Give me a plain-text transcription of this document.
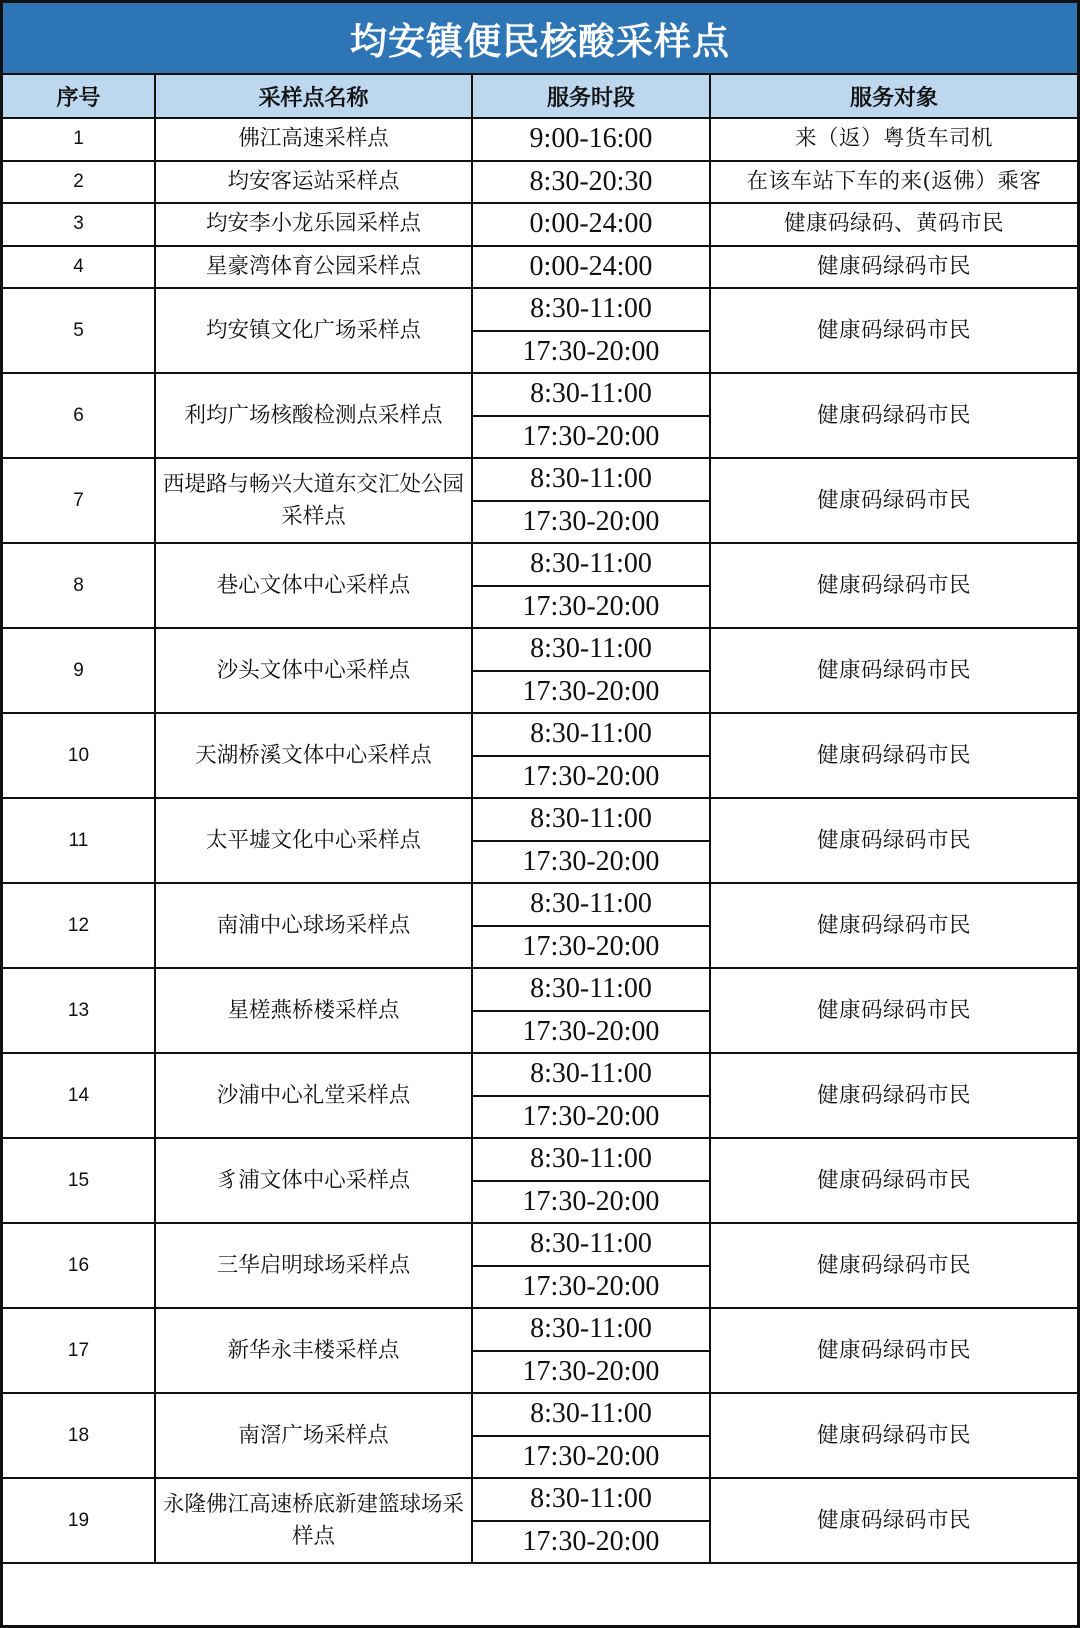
均安镇便民核酸采样点
序号	采样点名称	服务时段	服务对象
1	佛江高速采样点	9:00-16:00	来（返）粤货车司机
2	均安客运站采样点	8:30-20:30	在该车站下车的来(返佛）乘客
3	均安李小龙乐园采样点	0:00-24:00	健康码绿码、黄码市民
4	星豪湾体育公园采样点	0:00-24:00	健康码绿码市民
5	均安镇文化广场采样点	8:30-11:00	健康码绿码市民
		17:30-20:00	
6	利均广场核酸检测点采样点	8:30-11:00	健康码绿码市民
		17:30-20:00	
7	西堤路与畅兴大道东交汇处公园采样点	8:30-11:00	健康码绿码市民
		17:30-20:00	
8	巷心文体中心采样点	8:30-11:00	健康码绿码市民
		17:30-20:00	
9	沙头文体中心采样点	8:30-11:00	健康码绿码市民
		17:30-20:00	
10	天湖桥溪文体中心采样点	8:30-11:00	健康码绿码市民
		17:30-20:00	
11	太平墟文化中心采样点	8:30-11:00	健康码绿码市民
		17:30-20:00	
12	南浦中心球场采样点	8:30-11:00	健康码绿码市民
		17:30-20:00	
13	星槎燕桥楼采样点	8:30-11:00	健康码绿码市民
		17:30-20:00	
14	沙浦中心礼堂采样点	8:30-11:00	健康码绿码市民
		17:30-20:00	
15	豸浦文体中心采样点	8:30-11:00	健康码绿码市民
		17:30-20:00	
16	三华启明球场采样点	8:30-11:00	健康码绿码市民
		17:30-20:00	
17	新华永丰楼采样点	8:30-11:00	健康码绿码市民
		17:30-20:00	
18	南滘广场采样点	8:30-11:00	健康码绿码市民
		17:30-20:00	
19	永隆佛江高速桥底新建篮球场采样点	8:30-11:00	健康码绿码市民
		17:30-20:00	
